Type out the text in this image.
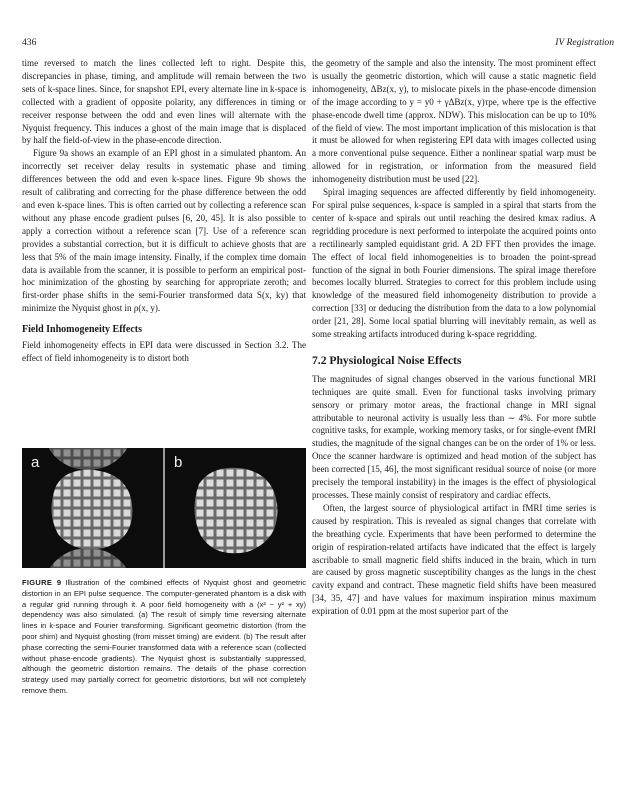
436	IV Registration

time reversed to match the lines collected left to right. Despite this, discrepancies in phase, timing, and amplitude will remain between the two sets of k-space lines. Since, for snapshot EPI, every alternate line in k-space is collected with a gradient of opposite polarity, any differences in timing or receiver response between the odd and even lines will alternate with the Nyquist frequency. This induces a ghost of the main image that is displaced by half the field-of-view in the phase-encode direction.

Figure 9a shows an example of an EPI ghost in a simulated phantom. An incorrectly set receiver delay results in systematic phase and timing differences between the odd and even k-space lines. Figure 9b shows the result of calibrating and correcting for the phase difference between the odd and even k-space lines. This is often carried out by collecting a reference scan without any phase encode gradient pulses [6, 20, 45]. It is also possible to apply a correction without a reference scan [7]. Use of a reference scan provides a substantial correction, but it is difficult to achieve ghosts that are less that 5% of the main image intensity. Finally, if the complex time domain data is available from the scanner, it is possible to perform an empirical post-hoc minimization of the ghosting by searching for appropriate zeroth; and first-order phase shifts in the semi-Fourier transformed data S(x, ky) that minimize the Nyquist ghost in ρ(x, y).

Field Inhomogeneity Effects

Field inhomogeneity effects in EPI data were discussed in Section 3.2. The effect of field inhomogeneity is to distort both

a	b
FIGURE 9 Illustration of the combined effects of Nyquist ghost and geometric distortion in an EPI pulse sequence. The computer-generated phantom is a disk with a regular grid running through it. A poor field homogeneity with a (x² − y² + xy) dependency was also simulated. (a) The result of simply time reversing alternate lines in k-space and Fourier transforming. Significant geometric distortion (from the poor shim) and Nyquist ghosting (from misset timing) are evident. (b) The result after phase correcting the semi-Fourier transformed data with a reference scan (collected without phase-encode gradients). The Nyquist ghost is substantially suppressed, although the geometric distortion remains. The details of the phase correction strategy used may partially correct for geometric distortions, but will not completely remove them.

the geometry of the sample and also the intensity. The most prominent effect is usually the geometric distortion, which will cause a static magnetic field inhomogeneity, ΔBz(x, y), to mislocate pixels in the phase-encode dimension of the image according to y = y0 + γΔBz(x, y)τpe, where τpe is the effective phase-encode dwell time (approx. NDW). This mislocation can be up to 10% of the field of view. The most important implication of this mislocation is that it must be allowed for when registering EPI data with images collected using a more conventional pulse sequence. Either a nonlinear spatial warp must be allowed for in registration, or information from the measured field inhomogeneity distribution must be used [22].

Spiral imaging sequences are affected differently by field inhomogeneity. For spiral pulse sequences, k-space is sampled in a spiral that starts from the center of k-space and spirals out until reaching the desired kmax radius. A regridding procedure is next performed to interpolate the acquired points onto a rectilinearly sampled equidistant grid. A 2D FFT then provides the image. The effect of local field inhomogeneities is to broaden the point-spread function of the signal in both Fourier dimensions. The spiral image therefore becomes locally blurred. Strategies to correct for this problem include using knowledge of the measured field inhomogeneity distribution to provide a correction [33] or deducing the distribution from the data to a low polynomial order [21, 28]. Some local spatial blurring will inevitably remain, as well as some streaking artifacts introduced during k-space regridding.

7.2 Physiological Noise Effects

The magnitudes of signal changes observed in the various functional MRI techniques are quite small. Even for functional tasks involving primary sensory or primary motor areas, the fractional change in MRI signal attributable to neuronal activity is usually less than ∼ 4%. For more subtle cognitive tasks, for example, working memory tasks, or for single-event fMRI studies, the magnitude of the signal changes can be on the order of 1% or less. Once the scanner hardware is optimized and head motion of the subject has been corrected [15, 46], the most significant residual source of noise (or more precisely the temporal instability) in the images is the effect of physiological processes. These mainly consist of respiratory and cardiac effects.

Often, the largest source of physiological artifact in fMRI time series is caused by respiration. This is revealed as signal changes that correlate with the breathing cycle. Experiments that have been performed to determine the origin of respiration-related artifacts have indicated that the effect is largely ascribable to small magnetic field shifts induced in the brain, which in turn are caused by gross magnetic susceptibility changes as the lungs in the chest cavity expand and contract. These magnetic field shifts have been measured [34, 35, 47] and have values for maximum inspiration minus maximum expiration of 0.01 ppm at the most superior part of the
